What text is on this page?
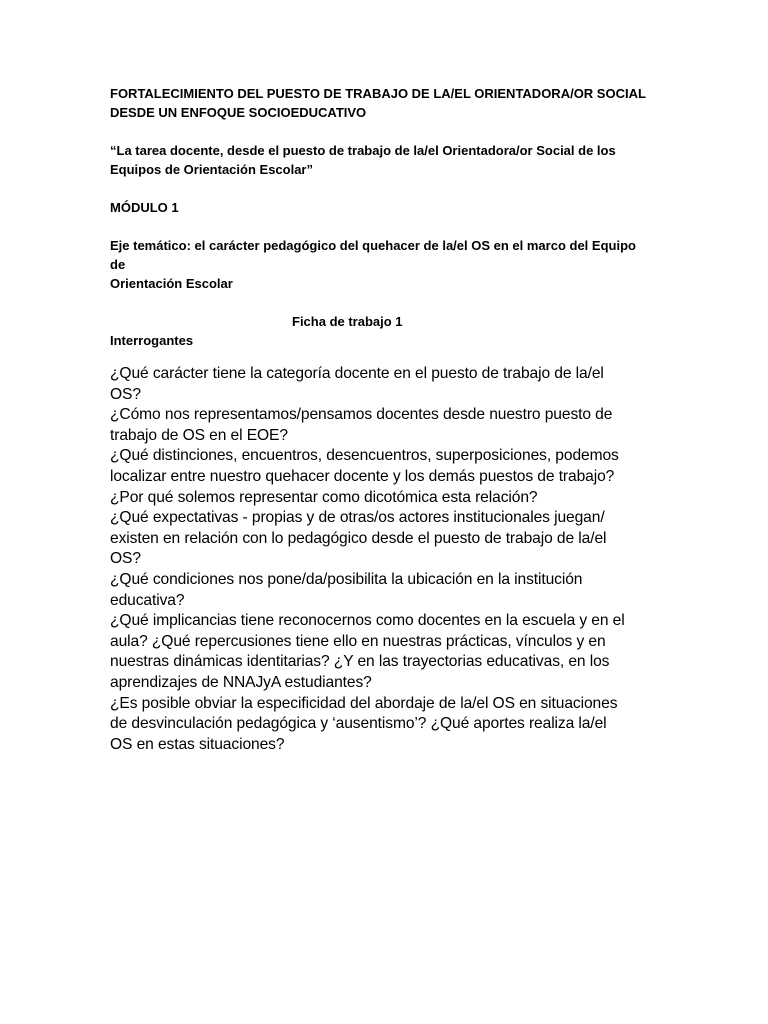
FORTALECIMIENTO DEL PUESTO DE TRABAJO DE LA/EL ORIENTADORA/OR SOCIAL
DESDE UN ENFOQUE SOCIOEDUCATIVO
“La tarea docente, desde el puesto de trabajo de la/el Orientadora/or Social de los
Equipos de Orientación Escolar”
MÓDULO 1
Eje temático: el carácter pedagógico del quehacer de la/el OS en el marco del Equipo
de
Orientación Escolar
Ficha de trabajo 1
Interrogantes

¿Qué carácter tiene la categoría docente en el puesto de trabajo de la/el

OS?

¿Cómo nos representamos/pensamos docentes desde nuestro puesto de

trabajo de OS en el EOE?

¿Qué distinciones, encuentros, desencuentros, superposiciones, podemos

localizar entre nuestro quehacer docente y los demás puestos de trabajo?

¿Por qué solemos representar como dicotómica esta relación?

¿Qué expectativas - propias y de otras/os actores institucionales juegan/

existen en relación con lo pedagógico desde el puesto de trabajo de la/el

OS?

¿Qué condiciones nos pone/da/posibilita la ubicación en la institución

educativa?

¿Qué implicancias tiene reconocernos como docentes en la escuela y en el

aula? ¿Qué repercusiones tiene ello en nuestras prácticas, vínculos y en

nuestras dinámicas identitarias? ¿Y en las trayectorias educativas, en los

aprendizajes de NNAJyA estudiantes?

¿Es posible obviar la especificidad del abordaje de la/el OS en situaciones

de desvinculación pedagógica y ‘ausentismo’? ¿Qué aportes realiza la/el

OS en estas situaciones?
